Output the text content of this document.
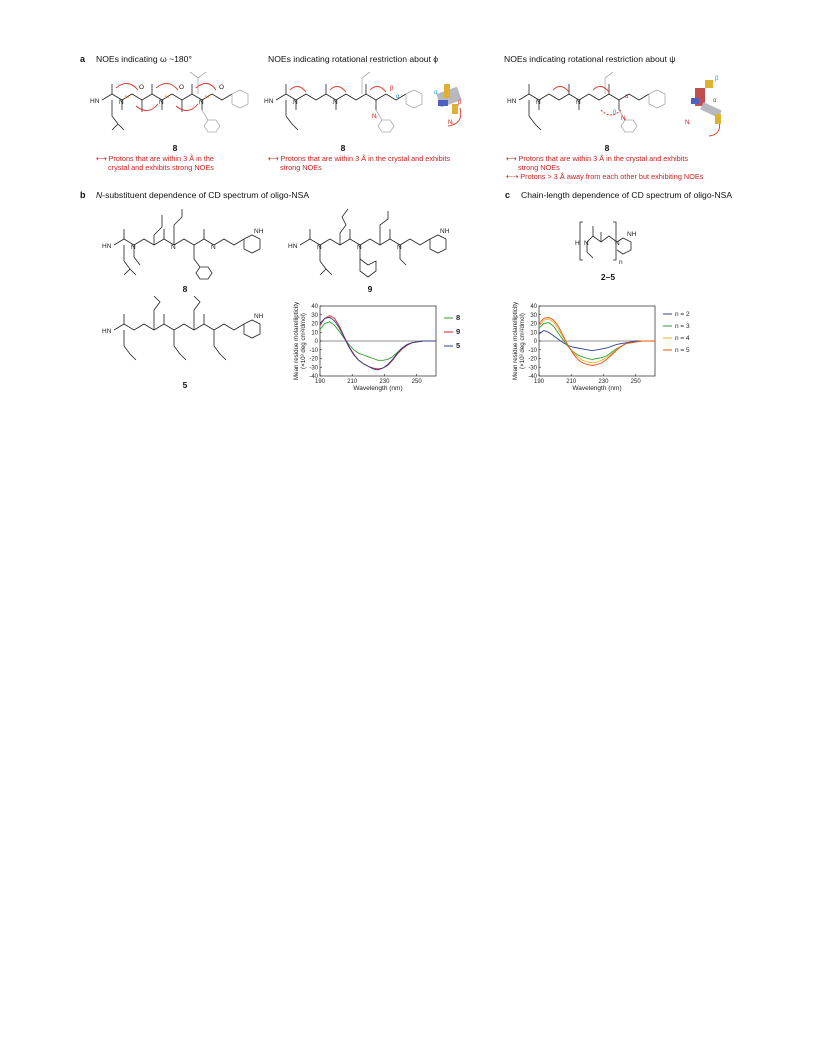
a NOEs indicating ω ~180°	NOEs indicating rotational restriction about ϕ	NOEs indicating rotational restriction about ψ
HN	N	N	N
O	O	O
ω	ω	ω
8
⟷ Protons that are within 3 Å in the
crystal and exhibits strong NOEs
HN	N	N
β
Nᵢ
β
Nᵢ
α
α
8
⟷ Protons that are within 3 Å in the crystal and exhibits
strong NOEs
HN	N	N
α
Nᵢ
α
Nᵢ
β
β
8
⟷ Protons that are within 3 Å in the crystal and exhibits
strong NOEs
⇠⇢ Protons > 3 Å away from each other but exhibiting NOEs
b N-substituent dependence of CD spectrum of oligo-NSA
HN	N	N	N
NH
8
HN	N	N	N
NH
9
HN
NH
5
40
30
20
10
0
-10
-20
-30
-40
190	210	230	250
Wavelength (nm)
Mean residue molarellipticity (×10³ deg cm²/dmol)	8
9
5
c Chain-length dependence of CD spectrum of oligo-NSA
H N	N
n
NH
2–5
40
30
20
10
0
-10
-20
-30
-40
190	210	230	250
Wavelength (nm)
Mean residue molarellipticity (×10³ deg cm²/dmol)	n = 2
n = 3
n = 4
n = 5
